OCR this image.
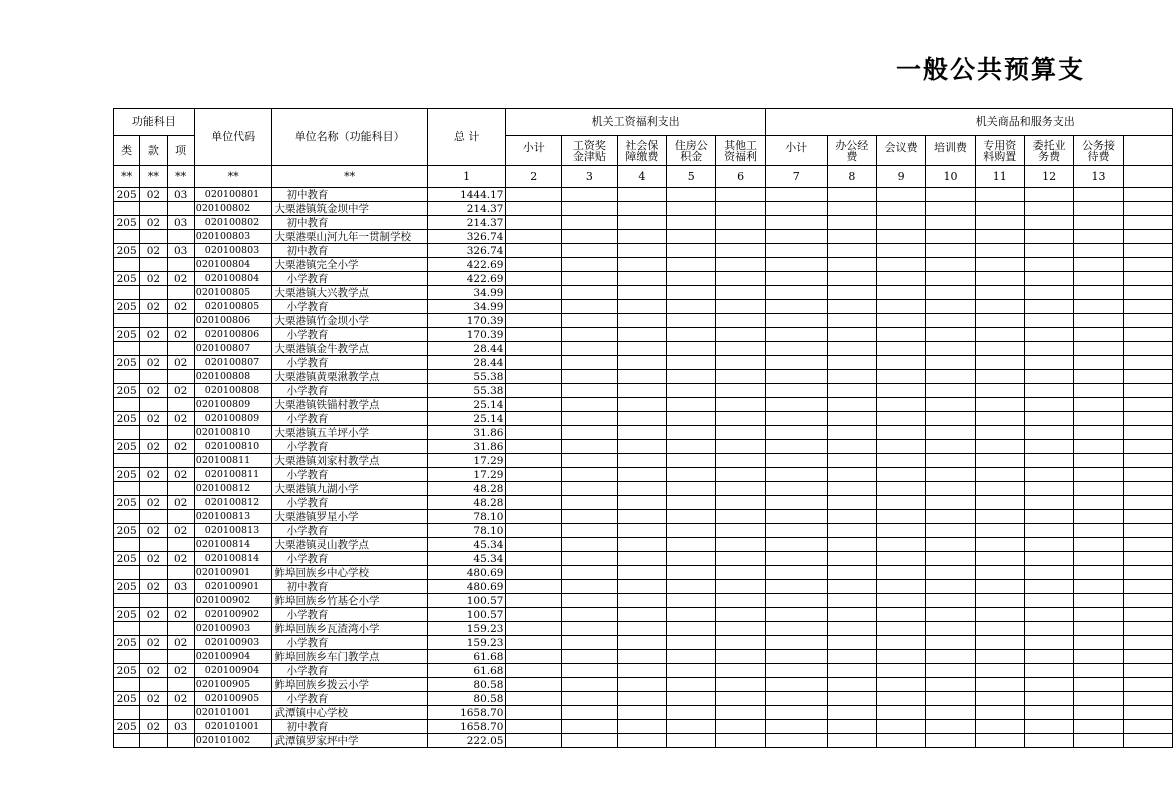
一般公共预算支
功能科目			单位代码	单位名称（功能科目）	总 计	机关工资福利支出					机关商品和服务支出							
类	款	项				小计	工资奖金津贴	社会保障缴费	住房公积金	其他工资福利	小计	办公经费	会议费	培训费	专用资料购置	委托业务费	公务接待费	

**	**	**	**	**	1	2	3	4	5	6	7	8	9	10	11	12	13	
205	02	03	020100801	初中教育	1444.17													
			020100802	大栗港镇筑金坝中学	214.37													
205	02	03	020100802	初中教育	214.37													
			020100803	大栗港栗山河九年一贯制学校	326.74													
205	02	03	020100803	初中教育	326.74													
			020100804	大栗港镇完全小学	422.69													
205	02	02	020100804	小学教育	422.69													
			020100805	大栗港镇大兴教学点	34.99													
205	02	02	020100805	小学教育	34.99													
			020100806	大栗港镇竹金坝小学	170.39													
205	02	02	020100806	小学教育	170.39													
			020100807	大栗港镇金牛教学点	28.44													
205	02	02	020100807	小学教育	28.44													
			020100808	大栗港镇黄栗湫教学点	55.38													
205	02	02	020100808	小学教育	55.38													
			020100809	大栗港镇铁锚村教学点	25.14													
205	02	02	020100809	小学教育	25.14													
			020100810	大栗港镇五羊坪小学	31.86													
205	02	02	020100810	小学教育	31.86													
			020100811	大栗港镇刘家村教学点	17.29													
205	02	02	020100811	小学教育	17.29													
			020100812	大栗港镇九湖小学	48.28													
205	02	02	020100812	小学教育	48.28													
			020100813	大栗港镇罗星小学	78.10													
205	02	02	020100813	小学教育	78.10													
			020100814	大栗港镇灵山教学点	45.34													
205	02	02	020100814	小学教育	45.34													
			020100901	鲊埠回族乡中心学校	480.69													
205	02	03	020100901	初中教育	480.69													
			020100902	鲊埠回族乡竹基仑小学	100.57													
205	02	02	020100902	小学教育	100.57													
			020100903	鲊埠回族乡瓦渣湾小学	159.23													
205	02	02	020100903	小学教育	159.23													
			020100904	鲊埠回族乡车门教学点	61.68													
205	02	02	020100904	小学教育	61.68													
			020100905	鲊埠回族乡拨云小学	80.58													
205	02	02	020100905	小学教育	80.58													
			020101001	武潭镇中心学校	1658.70													
205	02	03	020101001	初中教育	1658.70													
			020101002	武潭镇罗家坪中学	222.05													
